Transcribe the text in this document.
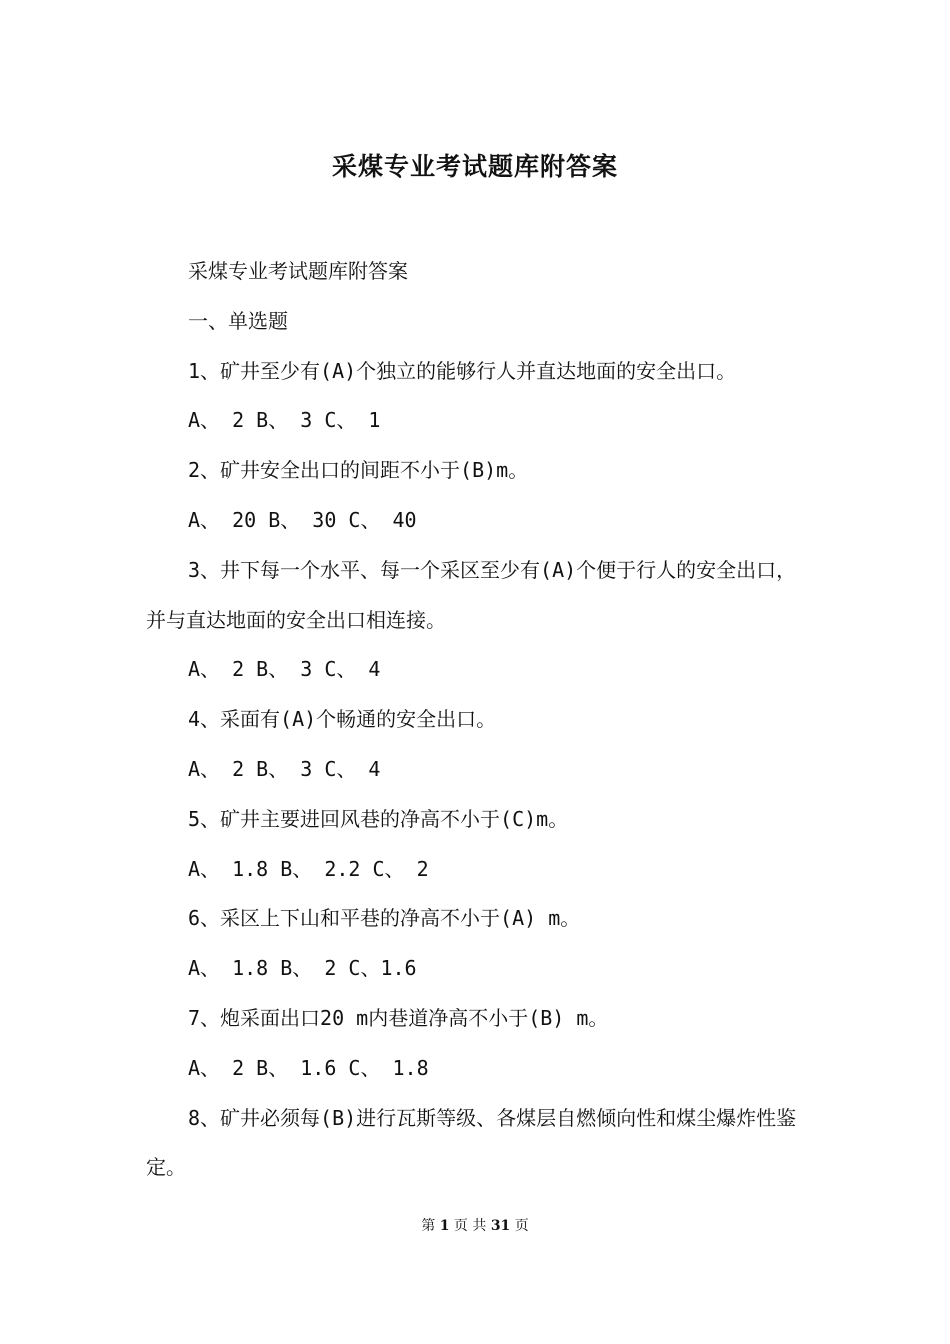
采煤专业考试题库附答案

采煤专业考试题库附答案

一、单选题

1、矿井至少有(A)个独立的能够行人并直达地面的安全出口。

A、 2 B、 3 C、 1

2、矿井安全出口的间距不小于(B)m。

A、 20 B、 30 C、 40

3、井下每一个水平、每一个采区至少有(A)个便于行人的安全出口，并与直达地面的安全出口相连接。

A、 2 B、 3 C、 4

4、采面有(A)个畅通的安全出口。

A、 2 B、 3 C、 4

5、矿井主要进回风巷的净高不小于(C)m。

A、 1.8 B、 2.2 C、 2

6、采区上下山和平巷的净高不小于(A) m。

A、 1.8 B、 2 C、1.6

7、炮采面出口20 m内巷道净高不小于(B) m。

A、 2 B、 1.6 C、 1.8

8、矿井必须每(B)进行瓦斯等级、各煤层自燃倾向性和煤尘爆炸性鉴定。

第 1 页 共 31 页
